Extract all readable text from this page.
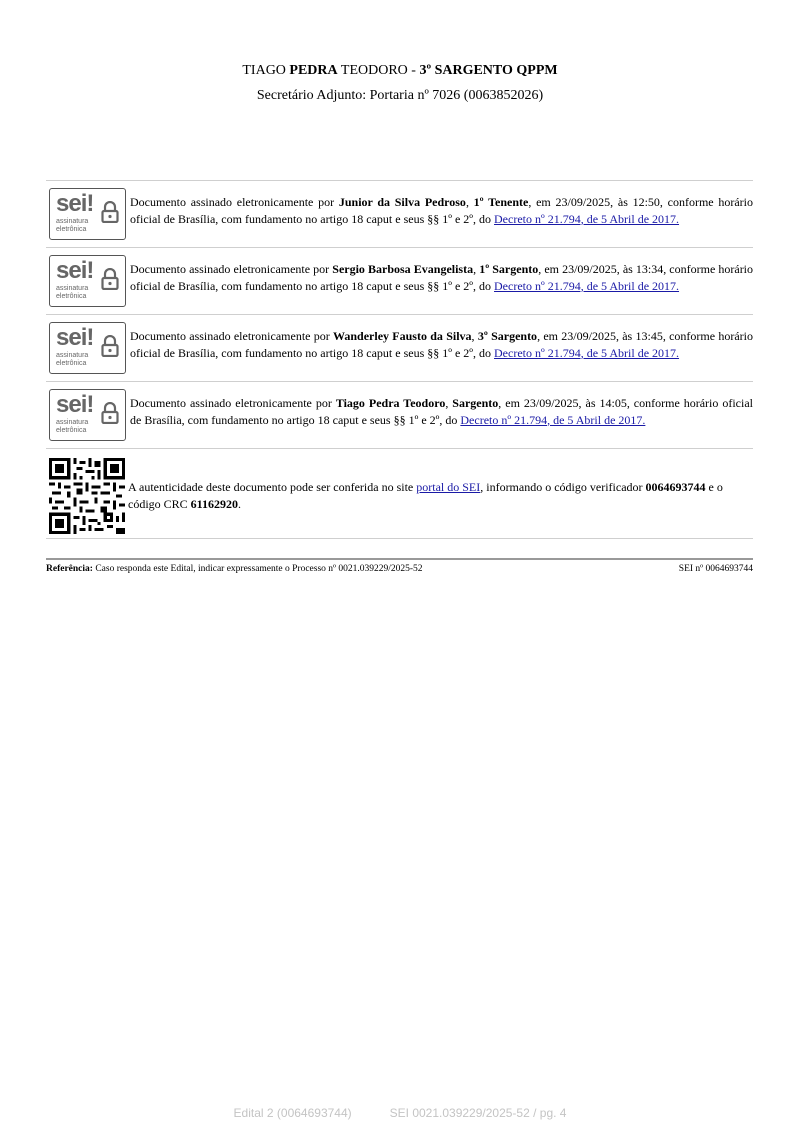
TIAGO PEDRA TEODORO - 3º SARGENTO QPPM
Secretário Adjunto: Portaria nº 7026 (0063852026)
sei!
assinatura
eletrônica
Documento assinado eletronicamente por Junior da Silva Pedroso, 1º Tenente, em 23/09/2025, às 12:50, conforme horário oficial de Brasília, com fundamento no artigo 18 caput e seus §§ 1º e 2º, do Decreto nº 21.794, de 5 Abril de 2017.
sei!
assinatura
eletrônica
Documento assinado eletronicamente por Sergio Barbosa Evangelista, 1º Sargento, em 23/09/2025, às 13:34, conforme horário oficial de Brasília, com fundamento no artigo 18 caput e seus §§ 1º e 2º, do Decreto nº 21.794, de 5 Abril de 2017.
sei!
assinatura
eletrônica
Documento assinado eletronicamente por Wanderley Fausto da Silva, 3º Sargento, em 23/09/2025, às 13:45, conforme horário oficial de Brasília, com fundamento no artigo 18 caput e seus §§ 1º e 2º, do Decreto nº 21.794, de 5 Abril de 2017.
sei!
assinatura
eletrônica
Documento assinado eletronicamente por Tiago Pedra Teodoro, Sargento, em 23/09/2025, às 14:05, conforme horário oficial de Brasília, com fundamento no artigo 18 caput e seus §§ 1º e 2º, do Decreto nº 21.794, de 5 Abril de 2017.
A autenticidade deste documento pode ser conferida no site portal do SEI, informando o código verificador 0064693744 e o código CRC 61162920.
Referência: Caso responda este Edital, indicar expressamente o Processo nº 0021.039229/2025-52	SEI nº 0064693744
Edital 2 (0064693744)	SEI 0021.039229/2025-52 / pg. 4
